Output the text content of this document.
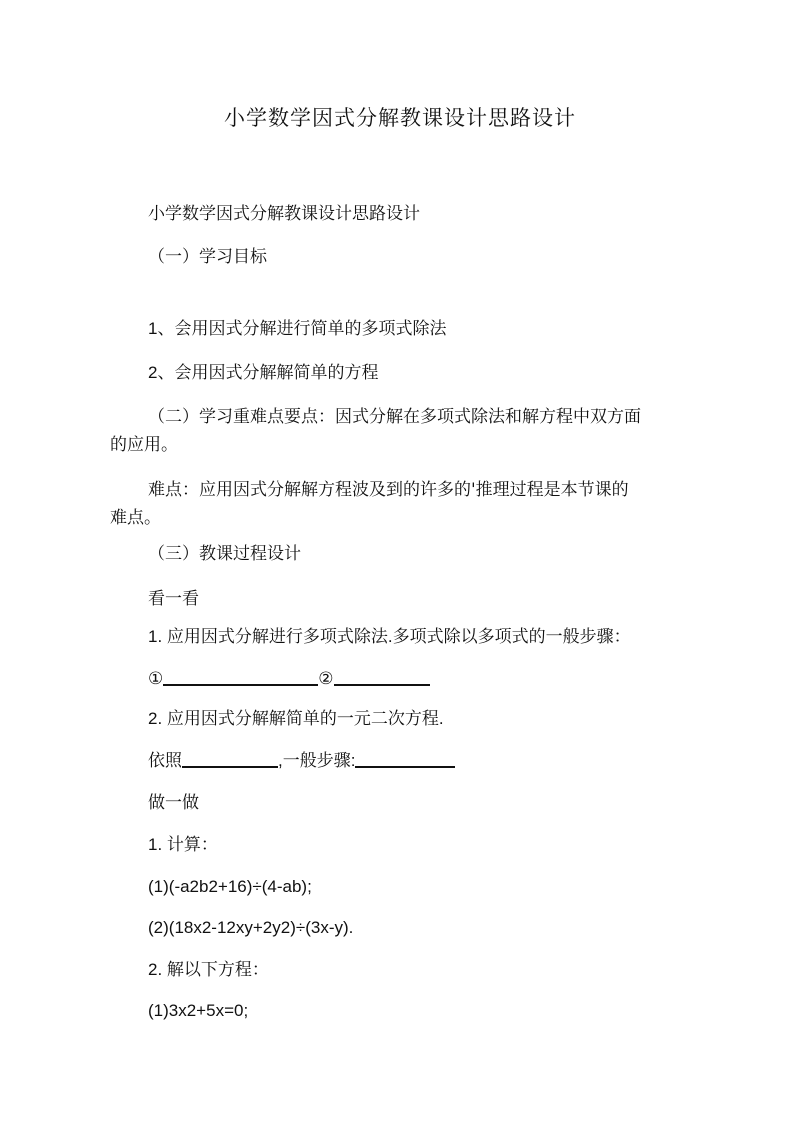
小学数学因式分解教课设计思路设计
小学数学因式分解教课设计思路设计
（一）学习目标
1、会用因式分解进行简单的多项式除法
2、会用因式分解解简单的方程
（二）学习重难点要点：因式分解在多项式除法和解方程中双方面的应用。
难点：应用因式分解解方程波及到的许多的'推理过程是本节课的难点。
（三）教课过程设计
看一看
1. 应用因式分解进行多项式除法.多项式除以多项式的一般步骤：
①	②
2. 应用因式分解解简单的一元二次方程.
依照	,一般步骤:
做一做
1. 计算：
(1)(-a2b2+16)÷(4-ab);
(2)(18x2-12xy+2y2)÷(3x-y).
2. 解以下方程：
(1)3x2+5x=0;
